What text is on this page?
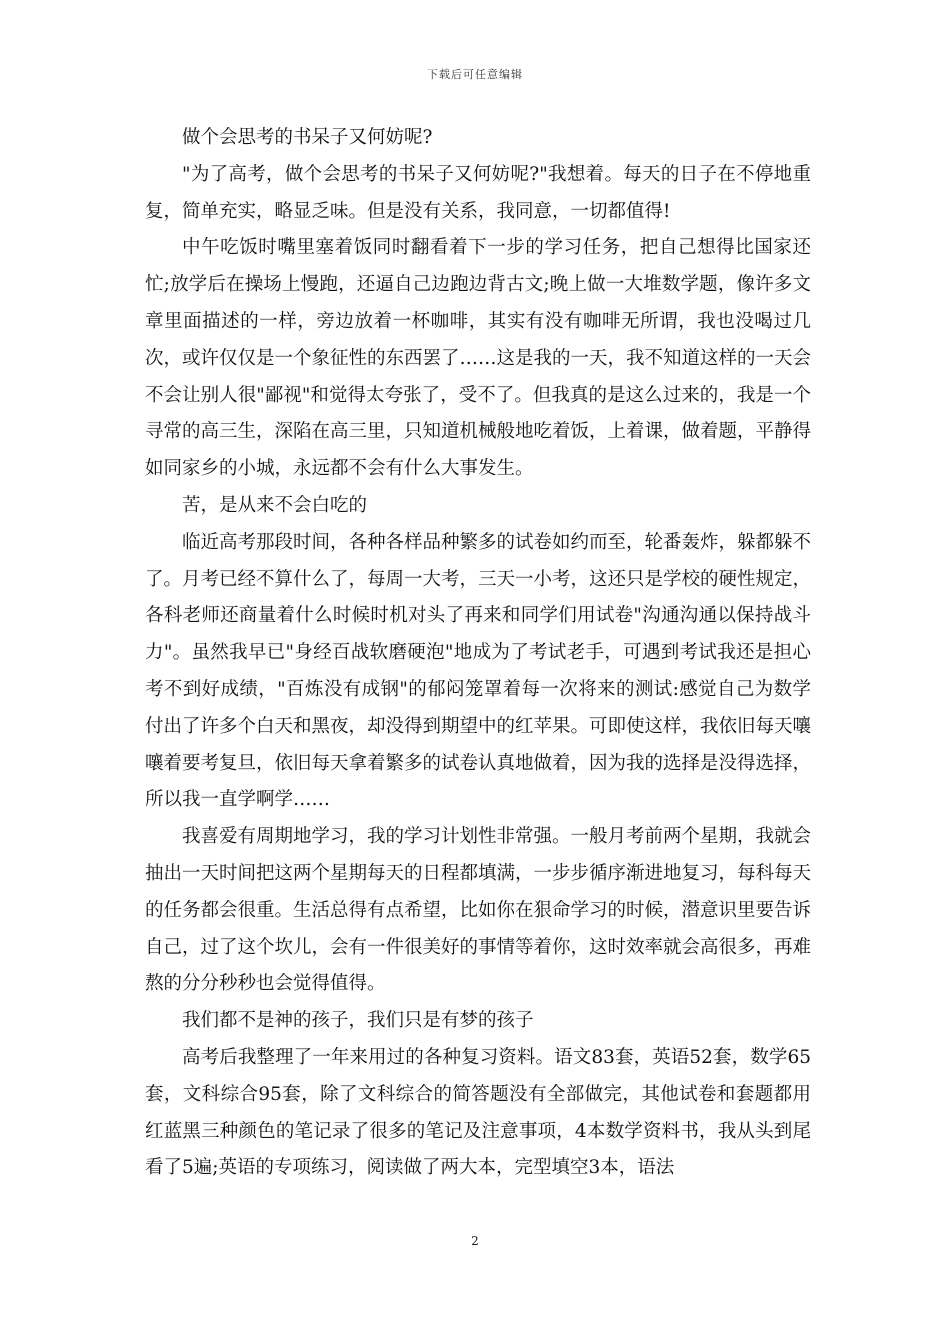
下载后可任意编辑

做个会思考的书呆子又何妨呢?

"为了高考，做个会思考的书呆子又何妨呢?"我想着。每天的日子在不停地重复，简单充实，略显乏味。但是没有关系，我同意，一切都值得!

中午吃饭时嘴里塞着饭同时翻看着下一步的学习任务，把自己想得比国家还忙;放学后在操场上慢跑，还逼自己边跑边背古文;晚上做一大堆数学题，像许多文章里面描述的一样，旁边放着一杯咖啡，其实有没有咖啡无所谓，我也没喝过几次，或许仅仅是一个象征性的东西罢了……这是我的一天，我不知道这样的一天会不会让别人很"鄙视"和觉得太夸张了，受不了。但我真的是这么过来的，我是一个寻常的高三生，深陷在高三里，只知道机械般地吃着饭，上着课，做着题，平静得如同家乡的小城，永远都不会有什么大事发生。

苦，是从来不会白吃的

临近高考那段时间，各种各样品种繁多的试卷如约而至，轮番轰炸，躲都躲不了。月考已经不算什么了，每周一大考，三天一小考，这还只是学校的硬性规定，各科老师还商量着什么时候时机对头了再来和同学们用试卷"沟通沟通以保持战斗力"。虽然我早已"身经百战软磨硬泡"地成为了考试老手，可遇到考试我还是担心考不到好成绩，"百炼没有成钢"的郁闷笼罩着每一次将来的测试:感觉自己为数学付出了许多个白天和黑夜，却没得到期望中的红苹果。可即使这样，我依旧每天嚷嚷着要考复旦，依旧每天拿着繁多的试卷认真地做着，因为我的选择是没得选择，所以我一直学啊学……

我喜爱有周期地学习，我的学习计划性非常强。一般月考前两个星期，我就会抽出一天时间把这两个星期每天的日程都填满，一步步循序渐进地复习，每科每天的任务都会很重。生活总得有点希望，比如你在狠命学习的时候，潜意识里要告诉自己，过了这个坎儿，会有一件很美好的事情等着你，这时效率就会高很多，再难熬的分分秒秒也会觉得值得。

我们都不是神的孩子，我们只是有梦的孩子

高考后我整理了一年来用过的各种复习资料。语文83套，英语52套，数学65套，文科综合95套，除了文科综合的简答题没有全部做完，其他试卷和套题都用红蓝黑三种颜色的笔记录了很多的笔记及注意事项，4本数学资料书，我从头到尾看了5遍;英语的专项练习，阅读做了两大本，完型填空3本，语法

2
